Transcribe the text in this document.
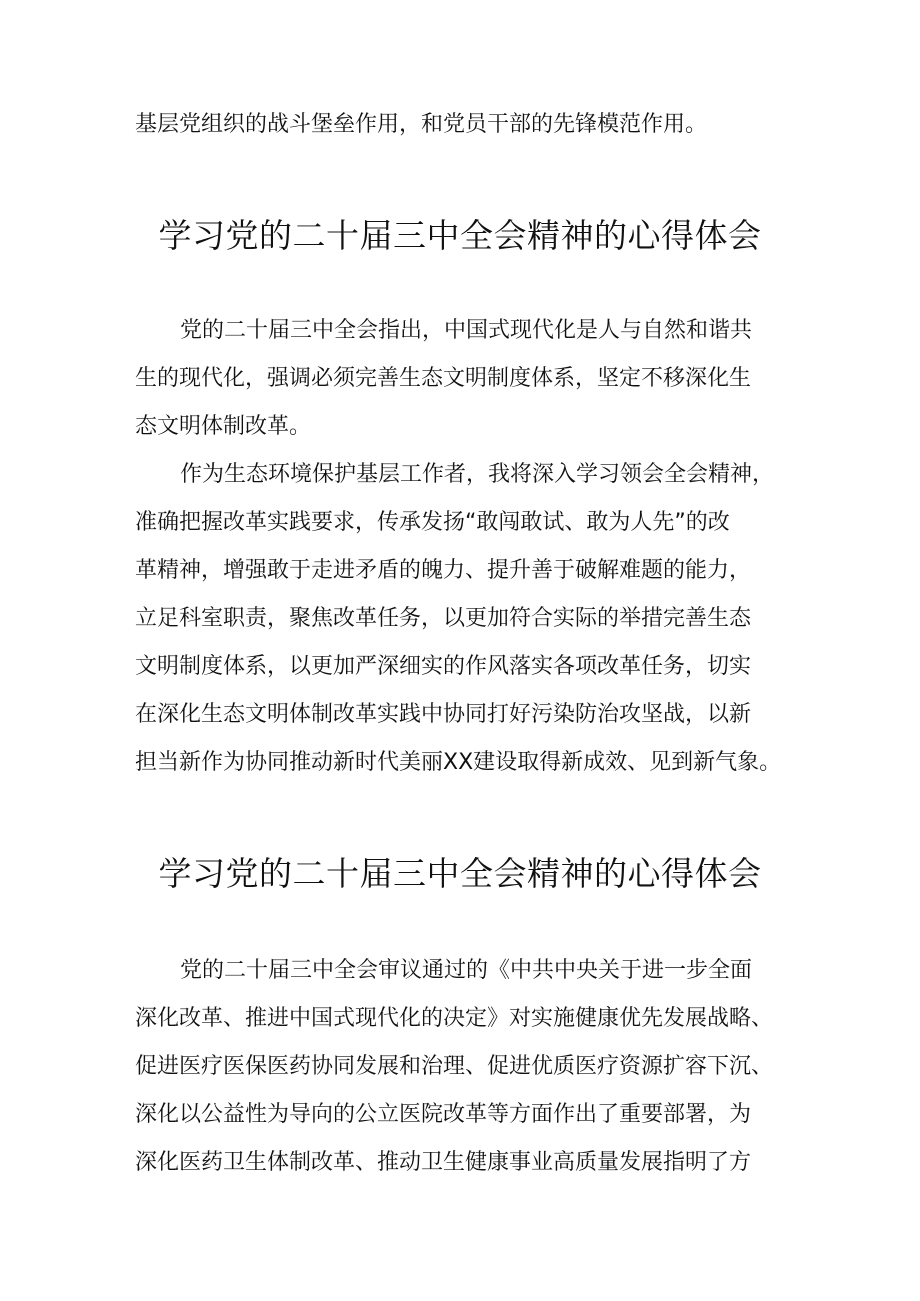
基层党组织的战斗堡垒作用，和党员干部的先锋模范作用。
学习党的二十届三中全会精神的心得体会
党的二十届三中全会指出，中国式现代化是人与自然和谐共
生的现代化，强调必须完善生态文明制度体系，坚定不移深化生
态文明体制改革。
作为生态环境保护基层工作者，我将深入学习领会全会精神，
准确把握改革实践要求，传承发扬“敢闯敢试、敢为人先”的改
革精神，增强敢于走进矛盾的魄力、提升善于破解难题的能力，
立足科室职责，聚焦改革任务，以更加符合实际的举措完善生态
文明制度体系，以更加严深细实的作风落实各项改革任务，切实
在深化生态文明体制改革实践中协同打好污染防治攻坚战，以新
担当新作为协同推动新时代美丽XX建设取得新成效、见到新气象。
学习党的二十届三中全会精神的心得体会
党的二十届三中全会审议通过的《中共中央关于进一步全面
深化改革、推进中国式现代化的决定》对实施健康优先发展战略、
促进医疗医保医药协同发展和治理、促进优质医疗资源扩容下沉、
深化以公益性为导向的公立医院改革等方面作出了重要部署，为
深化医药卫生体制改革、推动卫生健康事业高质量发展指明了方
